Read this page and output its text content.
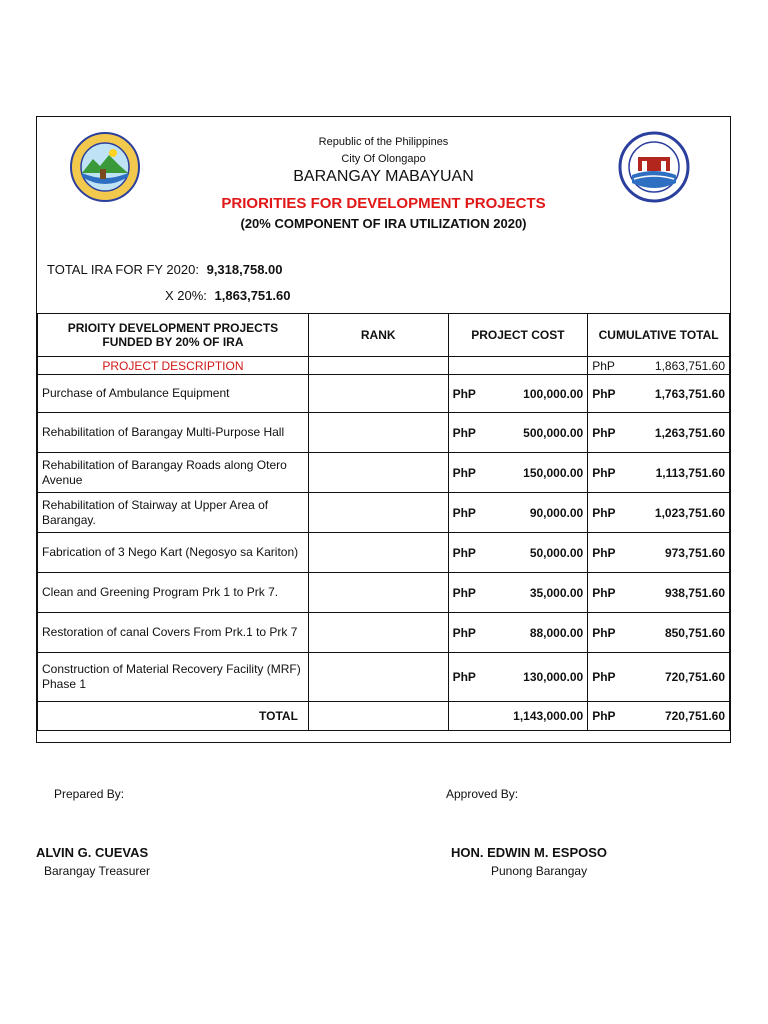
Republic of the Philippines
City Of Olongapo
BARANGAY MABAYUAN
PRIORITIES FOR DEVELOPMENT PROJECTS
(20% COMPONENT OF IRA UTILIZATION 2020)
TOTAL IRA FOR FY 2020: 9,318,758.00
X 20%: 1,863,751.60
PRIOITY DEVELOPMENT PROJECTS FUNDED BY 20% OF IRA	RANK	PROJECT COST	CUMULATIVE TOTAL
PROJECT DESCRIPTION			PhP 1,863,751.60

Purchase of Ambulance Equipment		PhP 100,000.00	PhP 1,763,751.60

Rehabilitation of Barangay Multi-Purpose Hall		PhP 500,000.00	PhP 1,263,751.60

Rehabilitation of Barangay Roads along Otero Avenue		PhP 150,000.00	PhP 1,113,751.60

Rehabilitation of Stairway at Upper Area of Barangay.		PhP 90,000.00	PhP 1,023,751.60

Fabrication of 3 Nego Kart (Negosyo sa Kariton)		PhP 50,000.00	PhP 973,751.60

Clean and Greening Program Prk 1 to Prk 7.		PhP 35,000.00	PhP 938,751.60

Restoration of canal Covers From Prk.1 to Prk 7		PhP 88,000.00	PhP 850,751.60

Construction of Material Recovery Facility (MRF) Phase 1		PhP 130,000.00	PhP 720,751.60

TOTAL		1,143,000.00	PhP 720,751.60
Prepared By:	Approved By:
ALVIN G. CUEVAS
Barangay Treasurer
HON. EDWIN M. ESPOSO
Punong Barangay
